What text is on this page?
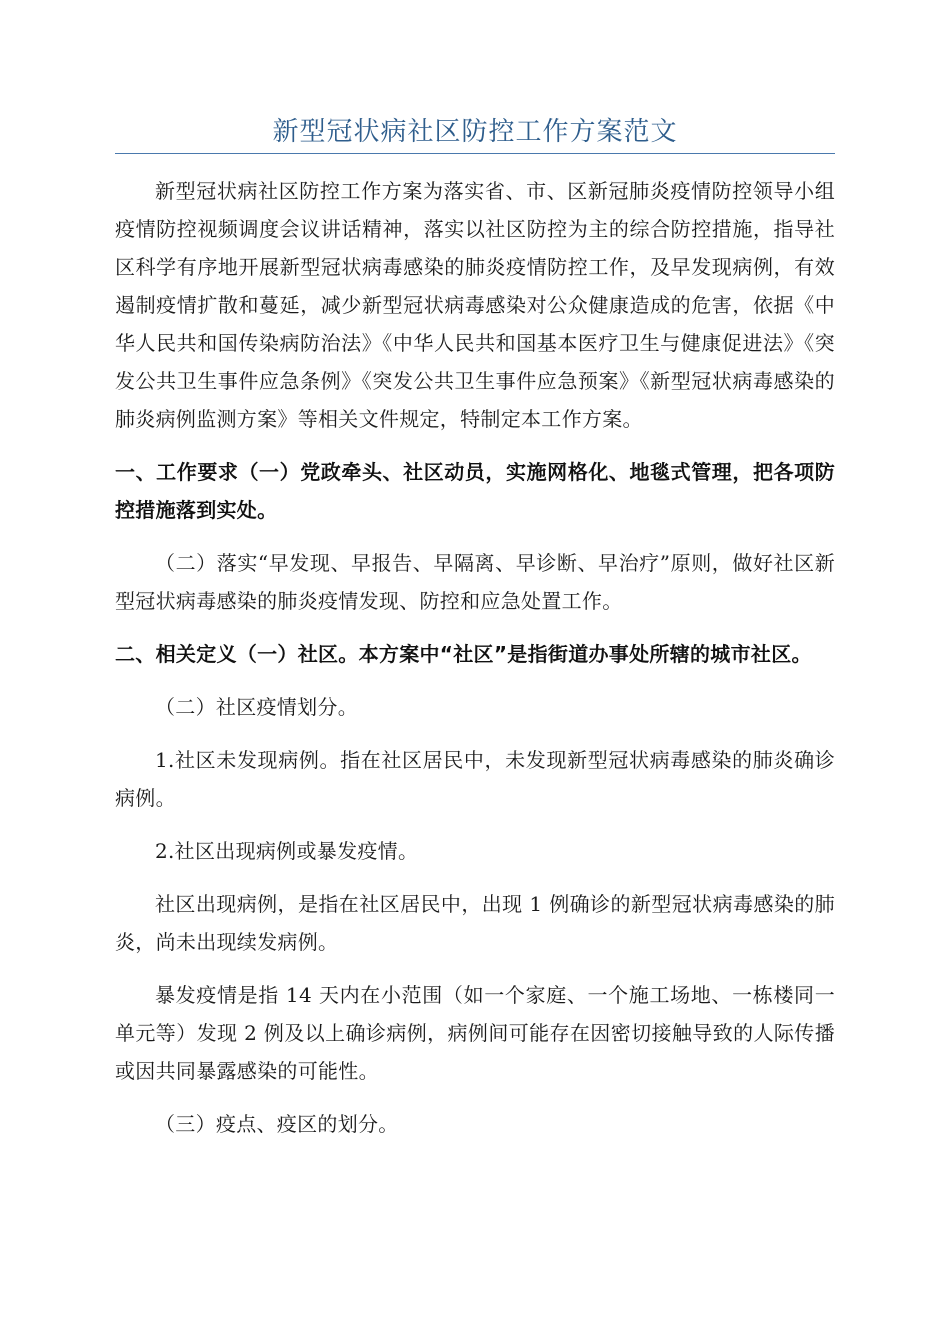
新型冠状病社区防控工作方案范文

新型冠状病社区防控工作方案为落实省、市、区新冠肺炎疫情防控领导小组疫情防控视频调度会议讲话精神，落实以社区防控为主的综合防控措施，指导社区科学有序地开展新型冠状病毒感染的肺炎疫情防控工作，及早发现病例，有效遏制疫情扩散和蔓延，减少新型冠状病毒感染对公众健康造成的危害，依据《中华人民共和国传染病防治法》《中华人民共和国基本医疗卫生与健康促进法》《突发公共卫生事件应急条例》《突发公共卫生事件应急预案》《新型冠状病毒感染的肺炎病例监测方案》等相关文件规定，特制定本工作方案。

一、工作要求（一）党政牵头、社区动员，实施网格化、地毯式管理，把各项防控措施落到实处。

（二）落实“早发现、早报告、早隔离、早诊断、早治疗”原则，做好社区新型冠状病毒感染的肺炎疫情发现、防控和应急处置工作。

二、相关定义（一）社区。本方案中“社区”是指街道办事处所辖的城市社区。

（二）社区疫情划分。

1.社区未发现病例。指在社区居民中，未发现新型冠状病毒感染的肺炎确诊病例。

2.社区出现病例或暴发疫情。

社区出现病例，是指在社区居民中，出现 1 例确诊的新型冠状病毒感染的肺炎，尚未出现续发病例。

暴发疫情是指 14 天内在小范围（如一个家庭、一个施工场地、一栋楼同一单元等）发现 2 例及以上确诊病例，病例间可能存在因密切接触导致的人际传播或因共同暴露感染的可能性。

（三）疫点、疫区的划分。
